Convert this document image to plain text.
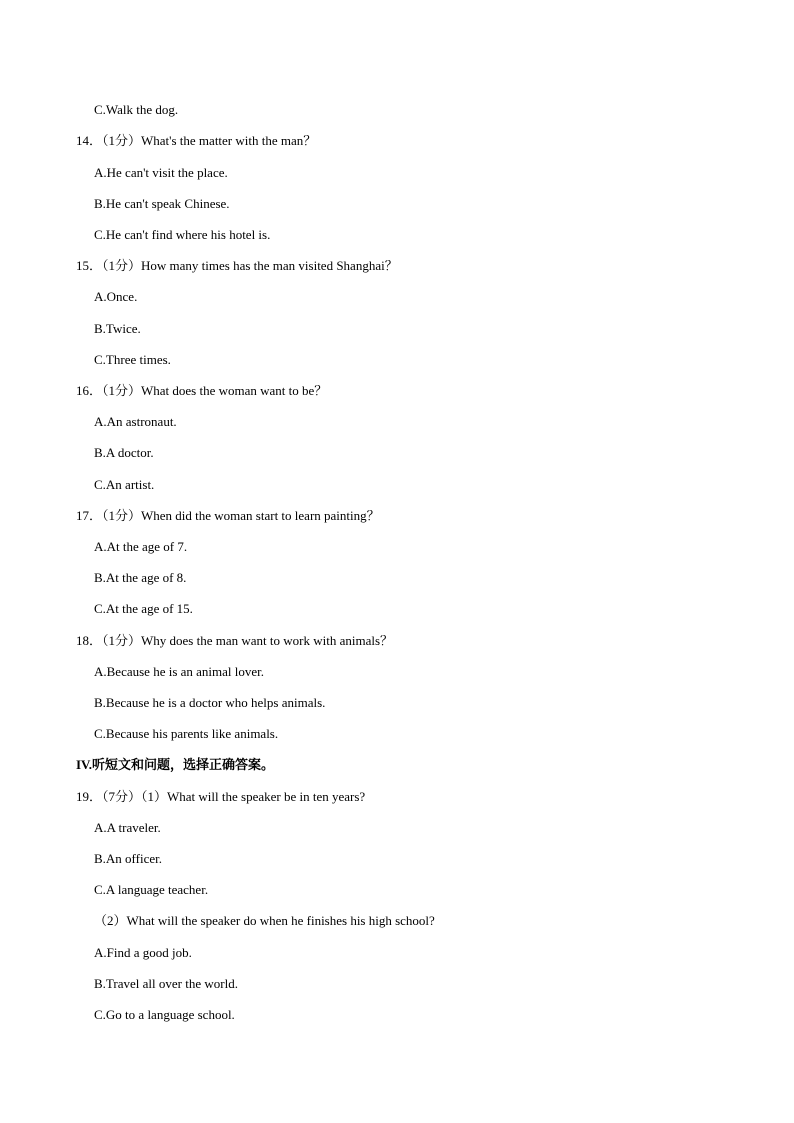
C.Walk the dog.
14．（1分）What's the matter with the man？
A.He can't visit the place.
B.He can't speak Chinese.
C.He can't find where his hotel is.
15．（1分）How many times has the man visited Shanghai？
A.Once.
B.Twice.
C.Three times.
16．（1分）What does the woman want to be？
A.An astronaut.
B.A doctor.
C.An artist.
17．（1分）When did the woman start to learn painting？
A.At the age of 7.
B.At the age of 8.
C.At the age of 15.
18．（1分）Why does the man want to work with animals？
A.Because he is an animal lover.
B.Because he is a doctor who helps animals.
C.Because his parents like animals.
IV.听短文和问题，选择正确答案。
19．（7分）（1）What will the speaker be in ten years?
A.A traveler.
B.An officer.
C.A language teacher.
（2）What will the speaker do when he finishes his high school?
A.Find a good job.
B.Travel all over the world.
C.Go to a language school.
